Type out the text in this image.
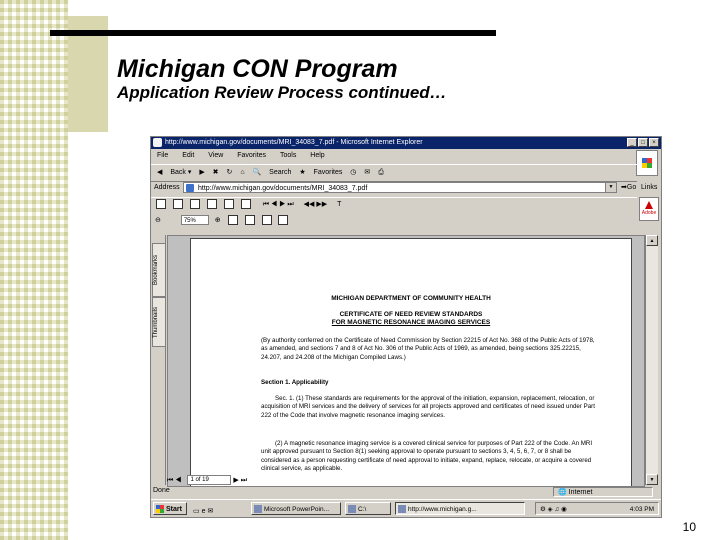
Michigan CON Program
Application Review Process continued…
http://www.michigan.gov/documents/MRI_34083_7.pdf - Microsoft Internet Explorer	_	□	×
File Edit View Favorites Tools Help
◀ Back ▾ ▶ ✖ ↻ ⌂ 🔍 Search ★ Favorites ◷ ✉ ⎙
Address	http://www.michigan.gov/documents/MRI_34083_7.pdf	▼	➡Go Links
⏮ ◀ ▶ ⏭ ◀◀ ▶▶ T
Adobe
⊖	75%	⊕
Bookmarks
Thumbnails
MICHIGAN DEPARTMENT OF COMMUNITY HEALTH
CERTIFICATE OF NEED REVIEW STANDARDS
FOR MAGNETIC RESONANCE IMAGING SERVICES
(By authority conferred on the Certificate of Need Commission by Section 22215 of Act No. 368 of the Public Acts of 1978, as amended, and sections 7 and 8 of Act No. 306 of the Public Acts of 1969, as amended, being sections 325.22215, 24.207, and 24.208 of the Michigan Compiled Laws.)
Section 1. Applicability
Sec. 1. (1) These standards are requirements for the approval of the initiation, expansion, replacement, relocation, or acquisition of MRI services and the delivery of services for all projects approved and certificates of need issued under Part 222 of the Code that involve magnetic resonance imaging services.
(2) A magnetic resonance imaging service is a covered clinical service for purposes of Part 222 of the Code. An MRI unit approved pursuant to Section 8(1) seeking approval to operate pursuant to sections 3, 4, 5, 6, 7, or 8 shall be considered as a person requesting certificate of need approval to initiate, expand, replace, relocate, or acquire a covered clinical service, as applicable.
▲
▼
⏮ ◀ 1 of 19	▶ ⏭
Done	🌐 Internet
Start	▭ e ✉	Microsoft PowerPoin...	C:\	http://www.michigan.g...	⚙ ◈ ♫ ◉	4:03 PM
10
